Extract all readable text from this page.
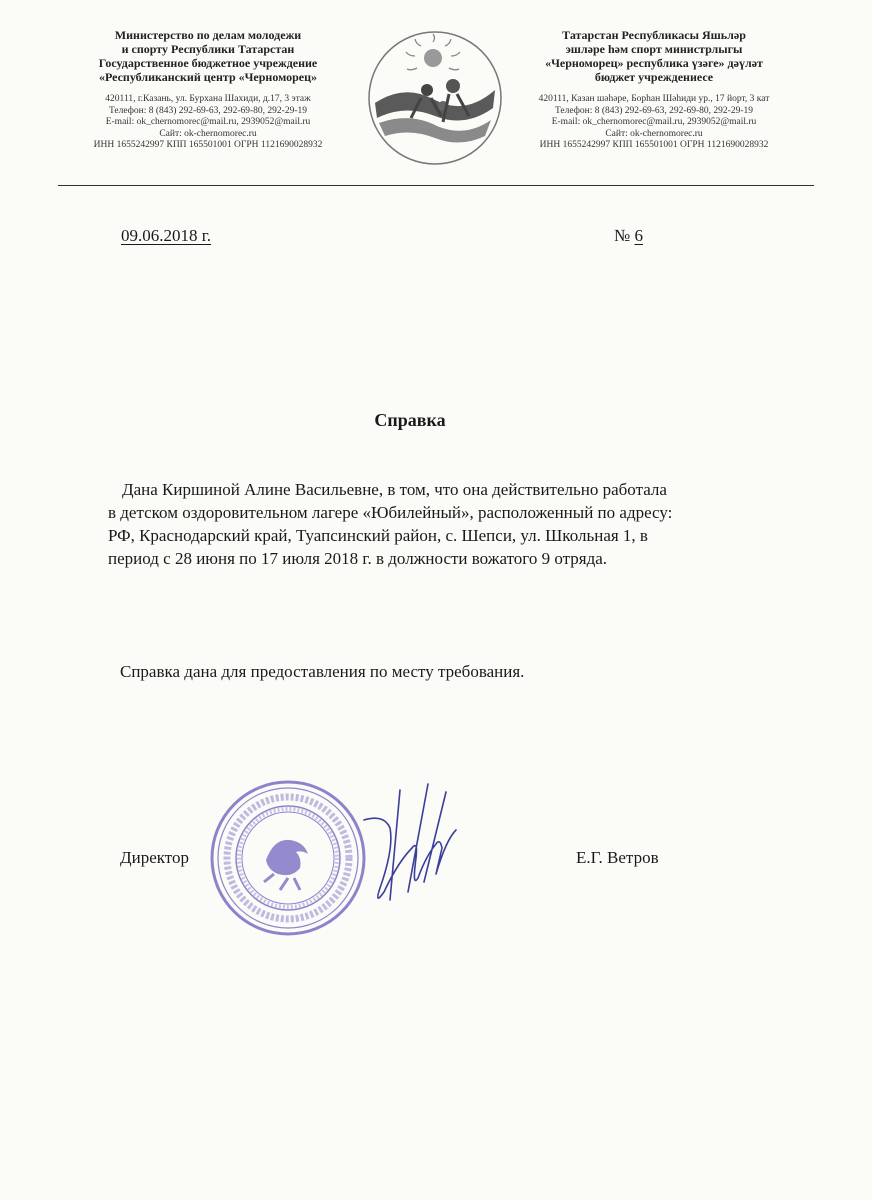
Министерство по делам молодежи
и спорту Республики Татарстан
Государственное бюджетное учреждение
«Республиканский центр «Черноморец»
420111, г.Казань, ул. Бурхана Шахиди, д.17, 3 этаж
Телефон: 8 (843) 292-69-63, 292-69-80, 292-29-19
E-mail: ok_chernomorec@mail.ru, 2939052@mail.ru
Сайт: ok-chernomorec.ru
ИНН 1655242997 КПП 165501001 ОГРН 1121690028932
Татарстан Республикасы Яшьләр
эшләре һәм спорт министрлыгы
«Черноморец» республика үзәге» дәүләт
бюджет учреждениесе
420111, Казан шәһәре, Борһан Шәһиди ур., 17 йорт, 3 кат
Телефон: 8 (843) 292-69-63, 292-69-80, 292-29-19
E-mail: ok_chernomorec@mail.ru, 2939052@mail.ru
Сайт: ok-chernomorec.ru
ИНН 1655242997 КПП 165501001 ОГРН 1121690028932
09.06.2018 г.	№ 6
Справка
Дана Киршиной Алине Васильевне, в том, что она действительно работала
в детском оздоровительном лагере «Юбилейный», расположенный по адресу:
РФ, Краснодарский край, Туапсинский район, с. Шепси, ул. Школьная 1, в
период с 28 июня по 17 июля 2018 г. в должности вожатого 9 отряда.
Справка дана для предоставления по месту требования.
Директор	Е.Г. Ветров
